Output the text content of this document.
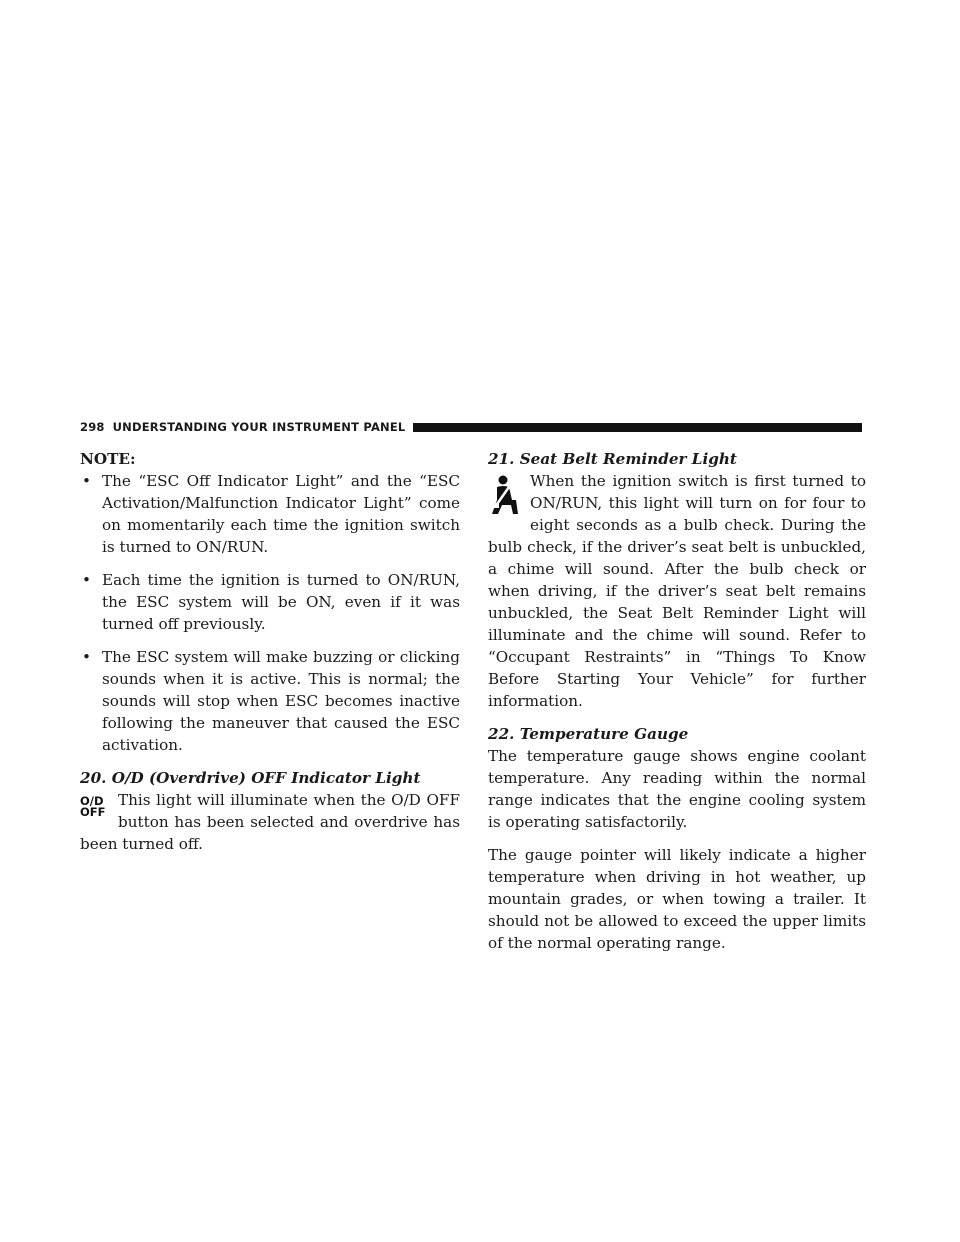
298 UNDERSTANDING YOUR INSTRUMENT PANEL

NOTE:

• The “ESC Off Indicator Light” and the “ESC Activation/Malfunction Indicator Light” come on momentarily each time the ignition switch is turned to ON/RUN.
• Each time the ignition is turned to ON/RUN, the ESC system will be ON, even if it was turned off previously.
• The ESC system will make buzzing or clicking sounds when it is active. This is normal; the sounds will stop when ESC becomes inactive following the maneuver that caused the ESC activation.

20. O/D (Overdrive) OFF Indicator Light

O/D
OFF
This light will illuminate when the O/D OFF button has been selected and overdrive has been turned off.

21. Seat Belt Reminder Light

When the ignition switch is first turned to ON/RUN, this light will turn on for four to eight seconds as a bulb check. During the bulb check, if the driver’s seat belt is unbuckled, a chime will sound. After the bulb check or when driving, if the driver’s seat belt remains unbuckled, the Seat Belt Reminder Light will illuminate and the chime will sound. Refer to “Occupant Restraints” in “Things To Know Before Starting Your Vehicle” for further information.

22. Temperature Gauge

The temperature gauge shows engine coolant temperature. Any reading within the normal range indicates that the engine cooling system is operating satisfactorily.

The gauge pointer will likely indicate a higher temperature when driving in hot weather, up mountain grades, or when towing a trailer. It should not be allowed to exceed the upper limits of the normal operating range.
